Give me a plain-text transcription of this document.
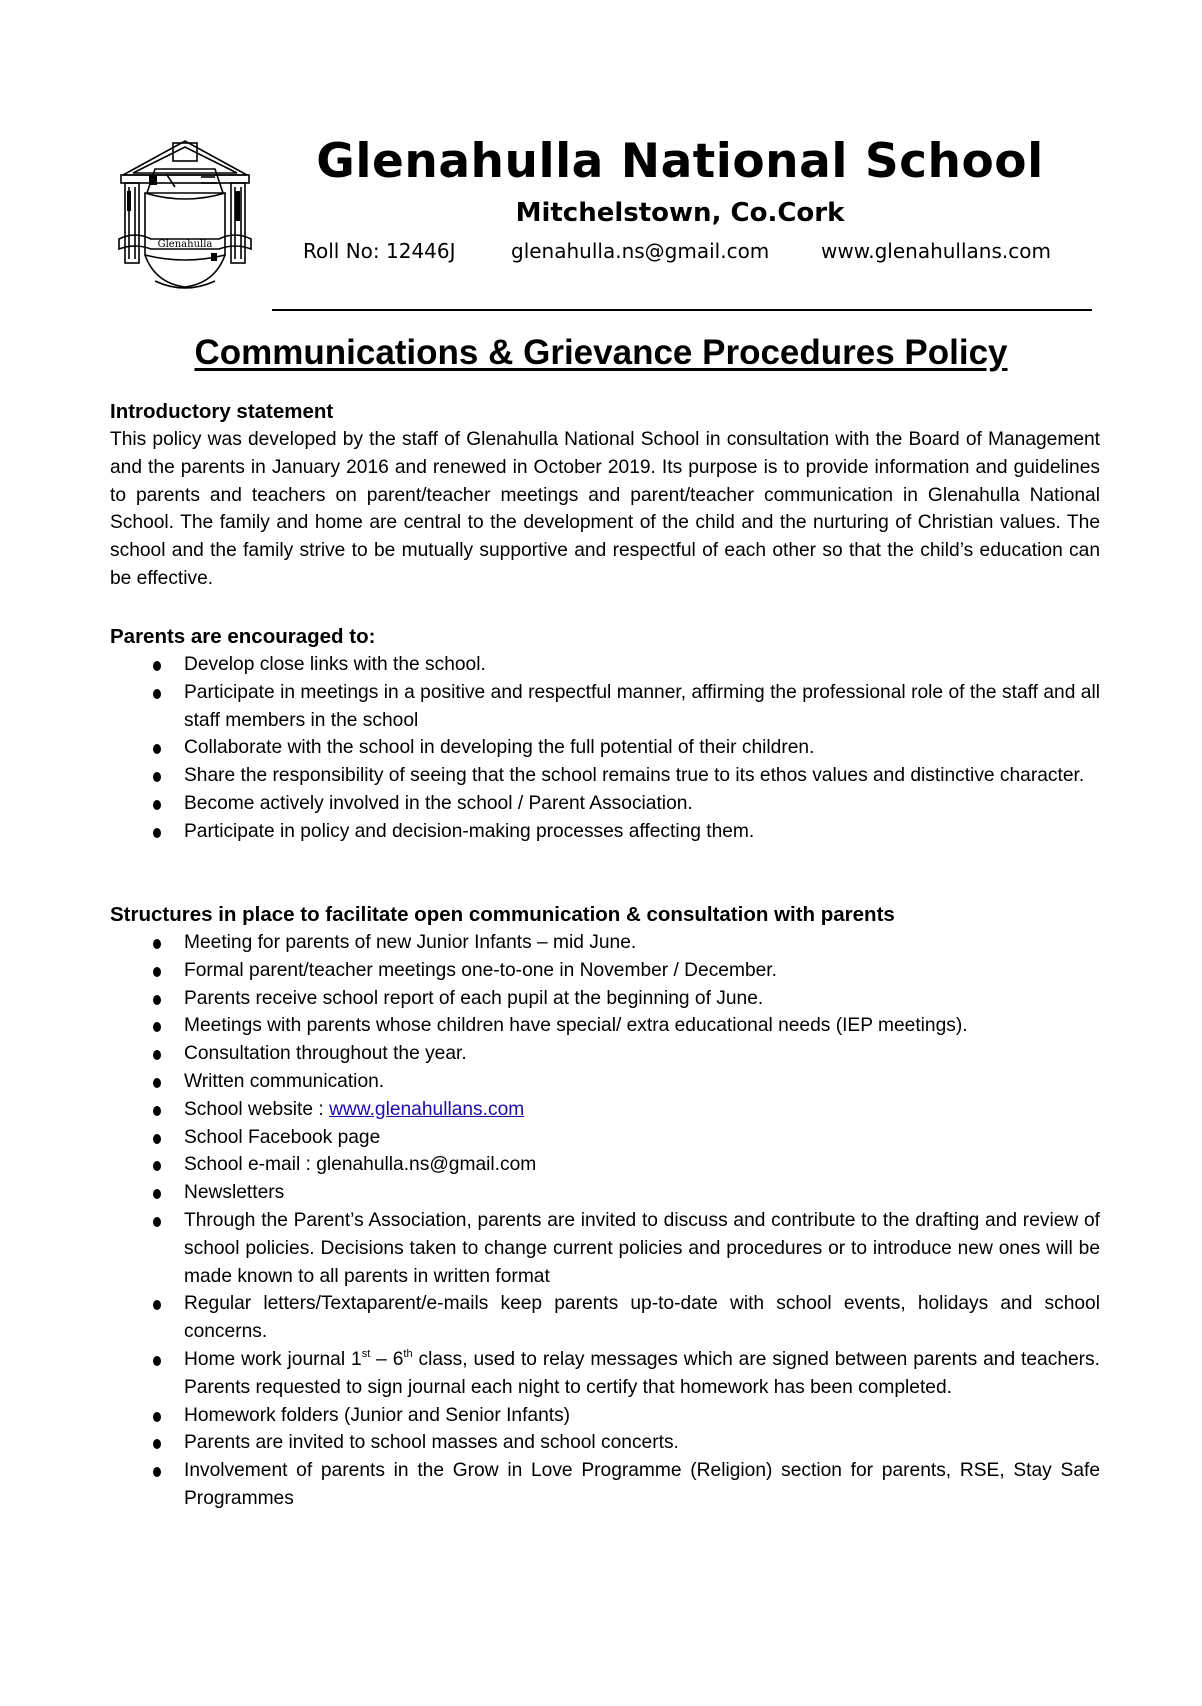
Glenahulla
Glenahulla National School
Mitchelstown, Co.Cork
Roll No: 12446J	glenahulla.ns@gmail.com	www.glenahullans.com
Communications & Grievance Procedures Policy
Introductory statement

This policy was developed by the staff of Glenahulla National School in consultation with the Board of Management and the parents in January 2016 and renewed in October 2019. Its purpose is to provide information and guidelines to parents and teachers on parent/teacher meetings and parent/teacher communication in Glenahulla National School. The family and home are central to the development of the child and the nurturing of Christian values. The school and the family strive to be mutually supportive and respectful of each other so that the child’s education can be effective.

Parents are encouraged to:
Develop close links with the school.
Participate in meetings in a positive and respectful manner, affirming the professional role of the staff and all staff members in the school
Collaborate with the school in developing the full potential of their children.
Share the responsibility of seeing that the school remains true to its ethos values and distinctive character.
Become actively involved in the school / Parent Association.
Participate in policy and decision-making processes affecting them.
Structures in place to facilitate open communication & consultation with parents
Meeting for parents of new Junior Infants – mid June.
Formal parent/teacher meetings one-to-one in November / December.
Parents receive school report of each pupil at the beginning of June.
Meetings with parents whose children have special/ extra educational needs (IEP meetings).
Consultation throughout the year.
Written communication.
School website : www.glenahullans.com
School Facebook page
School e-mail : glenahulla.ns@gmail.com
Newsletters
Through the Parent’s Association, parents are invited to discuss and contribute to the drafting and review of school policies. Decisions taken to change current policies and procedures or to introduce new ones will be made known to all parents in written format
Regular letters/Textaparent/e-mails keep parents up-to-date with school events, holidays and school concerns.
Home work journal 1st – 6th class, used to relay messages which are signed between parents and teachers. Parents requested to sign journal each night to certify that homework has been completed.
Homework folders (Junior and Senior Infants)
Parents are invited to school masses and school concerts.
Involvement of parents in the Grow in Love Programme (Religion) section for parents, RSE, Stay Safe Programmes
